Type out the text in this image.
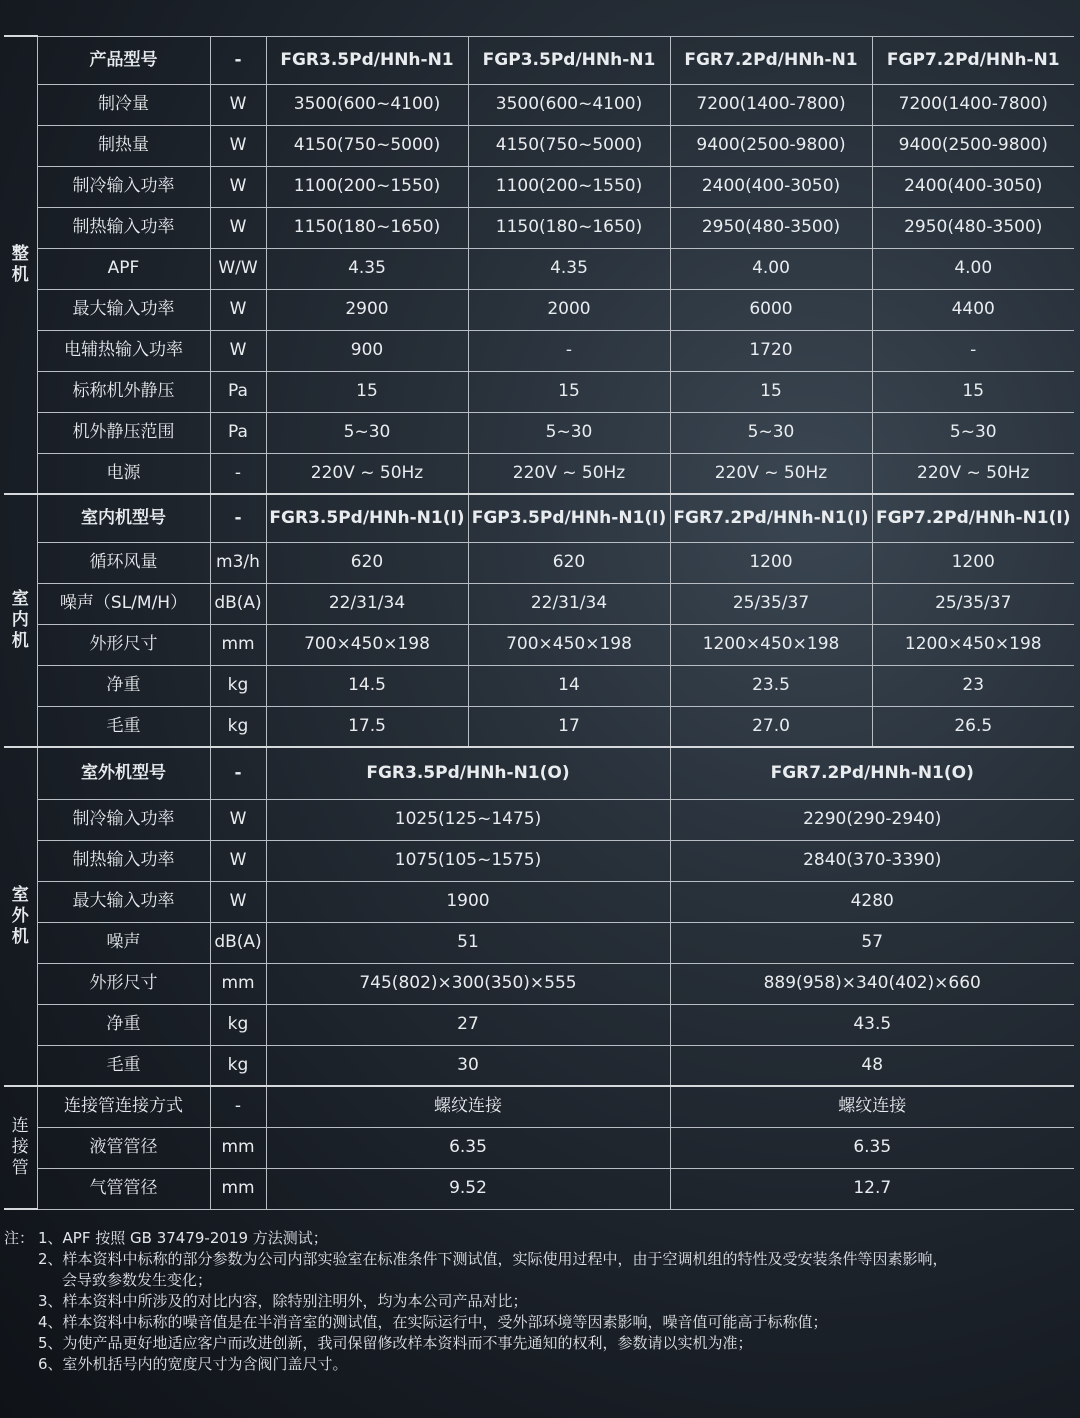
整机	产品型号	-	FGR3.5Pd/HNh-N1	FGP3.5Pd/HNh-N1	FGR7.2Pd/HNh-N1	FGP7.2Pd/HNh-N1
	制冷量	W	3500(600~4100)	3500(600~4100)	7200(1400-7800)	7200(1400-7800)
	制热量	W	4150(750~5000)	4150(750~5000)	9400(2500-9800)	9400(2500-9800)
	制冷输入功率	W	1100(200~1550)	1100(200~1550)	2400(400-3050)	2400(400-3050)
	制热输入功率	W	1150(180~1650)	1150(180~1650)	2950(480-3500)	2950(480-3500)
	APF	W/W	4.35	4.35	4.00	4.00
	最大输入功率	W	2900	2000	6000	4400
	电辅热输入功率	W	900	-	1720	-
	标称机外静压	Pa	15	15	15	15
	机外静压范围	Pa	5~30	5~30	5~30	5~30
	电源	-	220V ~ 50Hz	220V ~ 50Hz	220V ~ 50Hz	220V ~ 50Hz
室内机	室内机型号	-	FGR3.5Pd/HNh-N1(I)	FGP3.5Pd/HNh-N1(I)	FGR7.2Pd/HNh-N1(I)	FGP7.2Pd/HNh-N1(I)
	循环风量	m3/h	620	620	1200	1200
	噪声（SL/M/H）	dB(A)	22/31/34	22/31/34	25/35/37	25/35/37
	外形尺寸	mm	700×450×198	700×450×198	1200×450×198	1200×450×198
	净重	kg	14.5	14	23.5	23
	毛重	kg	17.5	17	27.0	26.5
室外机	室外机型号	-	FGR3.5Pd/HNh-N1(O)		FGR7.2Pd/HNh-N1(O)	
	制冷输入功率	W	1025(125~1475)		2290(290-2940)	
	制热输入功率	W	1075(105~1575)		2840(370-3390)	
	最大输入功率	W	1900		4280	
	噪声	dB(A)	51		57	
	外形尺寸	mm	745(802)×300(350)×555		889(958)×340(402)×660	
	净重	kg	27		43.5	
	毛重	kg	30		48	
连接管	连接管连接方式	-	螺纹连接		螺纹连接	
	液管管径	mm	6.35		6.35	
	气管管径	mm	9.52		12.7	
注： 1、APF 按照 GB 37479-2019 方法测试；
2、样本资料中标称的部分参数为公司内部实验室在标准条件下测试值，实际使用过程中，由于空调机组的特性及受安装条件等因素影响，
会导致参数发生变化；
3、样本资料中所涉及的对比内容，除特别注明外，均为本公司产品对比；
4、样本资料中标称的噪音值是在半消音室的测试值，在实际运行中，受外部环境等因素影响，噪音值可能高于标称值；
5、为使产品更好地适应客户而改进创新，我司保留修改样本资料而不事先通知的权利，参数请以实机为准；
6、室外机括号内的宽度尺寸为含阀门盖尺寸。
